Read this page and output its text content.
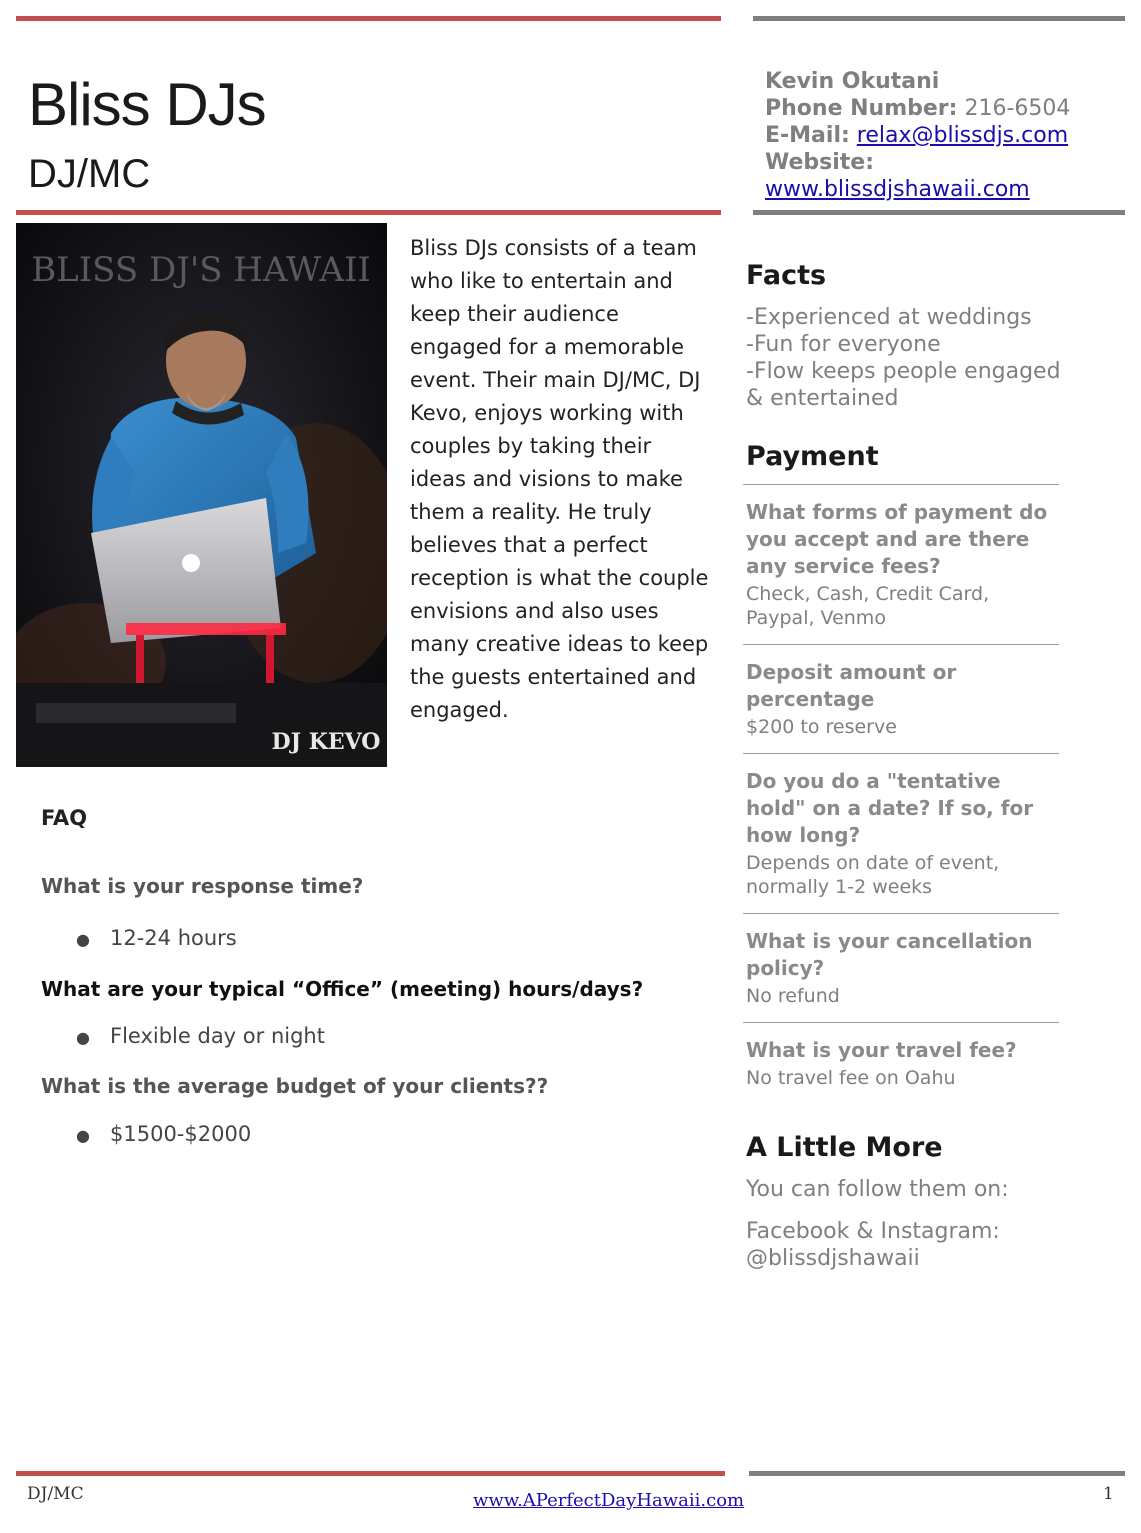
Bliss DJs
DJ/MC
Kevin Okutani
Phone Number: 216-6504
E-Mail: relax@blissdjs.com
Website:
www.blissdjshawaii.com
BLISS DJ'S HAWAII
DJ KEVO
Bliss DJs consists of a team who like to entertain and keep their audience engaged for a memorable event. Their main DJ/MC, DJ Kevo, enjoys working with couples by taking their ideas and visions to make them a reality. He truly believes that a perfect reception is what the couple envisions and also uses many creative ideas to keep the guests entertained and engaged.
Facts
-Experienced at weddings
-Fun for everyone
-Flow keeps people engaged & entertained
Payment
What forms of payment do you accept and are there any service fees?
Check, Cash, Credit Card, Paypal, Venmo
Deposit amount or percentage
$200 to reserve
Do you do a "tentative hold" on a date? If so, for how long?
Depends on date of event, normally 1-2 weeks
What is your cancellation policy?
No refund
What is your travel fee?
No travel fee on Oahu
A Little More
You can follow them on:
Facebook & Instagram:
@blissdjshawaii
FAQ
What is your response time?
● 12-24 hours
What are your typical “Office” (meeting) hours/days?
● Flexible day or night
What is the average budget of your clients??
● $1500-$2000
DJ/MC	www.APerfectDayHawaii.com	1
